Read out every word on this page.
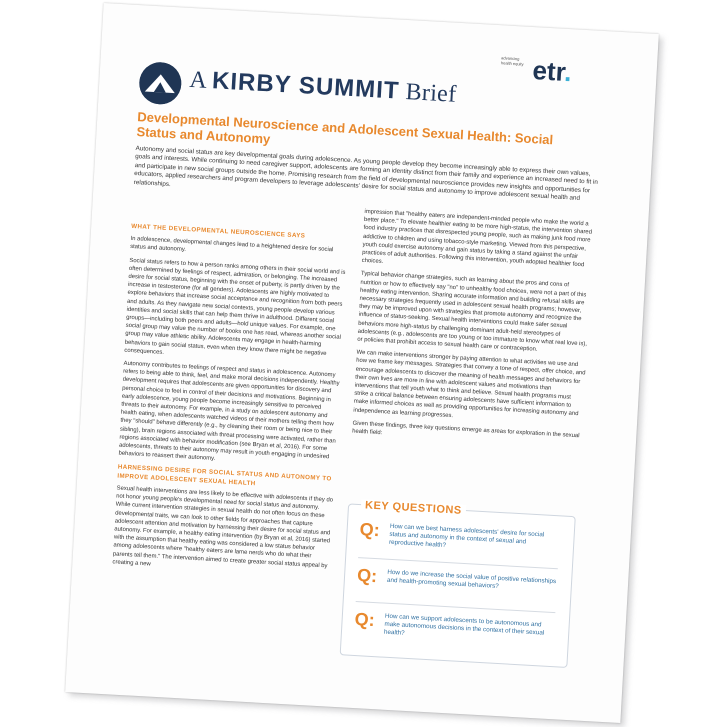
A KIRBY SUMMIT Brief
advancing health equity etr.
Developmental Neuroscience and Adolescent Sexual Health: Social Status and Autonomy
Autonomy and social status are key developmental goals during adolescence. As young people develop they become increasingly able to express their own values, goals and interests. While continuing to need caregiver support, adolescents are forming an identity distinct from their family and experience an increased need to fit in and participate in new social groups outside the home. Promising research from the field of developmental neuroscience provides new insights and opportunities for educators, applied researchers and program developers to leverage adolescents' desire for social status and autonomy to improve adolescent sexual health and relationships.
WHAT THE DEVELOPMENTAL NEUROSCIENCE SAYS

In adolescence, developmental changes lead to a heightened desire for social status and autonomy.

Social status refers to how a person ranks among others in their social world and is often determined by feelings of respect, admiration, or belonging. The increased desire for social status, beginning with the onset of puberty, is partly driven by the increase in testosterone (for all genders). Adolescents are highly motivated to explore behaviors that increase social acceptance and recognition from both peers and adults. As they navigate new social contexts, young people develop various identities and social skills that can help them thrive in adulthood. Different social groups—including both peers and adults—hold unique values. For example, one social group may value the number of books one has read, whereas another social group may value athletic ability. Adolescents may engage in health-harming behaviors to gain social status, even when they know there might be negative consequences.

Autonomy contributes to feelings of respect and status in adolescence. Autonomy refers to being able to think, feel, and make moral decisions independently. Healthy development requires that adolescents are given opportunities for discovery and personal choice to feel in control of their decisions and motivations. Beginning in early adolescence, young people become increasingly sensitive to perceived threats to their autonomy. For example, in a study on adolescent autonomy and health eating, when adolescents watched videos of their mothers telling them how they "should" behave differently (e.g., by cleaning their room or being nice to their sibling), brain regions associated with threat processing were activated, rather than regions associated with behavior modification (see Bryan et al, 2016). For some adolescents, threats to their autonomy may result in youth engaging in undesired behaviors to reassert their autonomy.

HARNESSING DESIRE FOR SOCIAL STATUS AND AUTONOMY TO IMPROVE ADOLESCENT SEXUAL HEALTH

Sexual health interventions are less likely to be effective with adolescents if they do not honor young people's developmental need for social status and autonomy. While current intervention strategies in sexual health do not often focus on these developmental traits, we can look to other fields for approaches that capture adolescent attention and motivation by harnessing their desire for social status and autonomy. For example, a healthy eating intervention (by Bryan et al, 2016) started with the assumption that healthy eating was considered a low status behavior among adolescents where "healthy eaters are lame nerds who do what their parents tell them." The intervention aimed to create greater social status appeal by creating a new

impression that "healthy eaters are independent-minded people who make the world a better place." To elevate healthier eating to be more high-status, the intervention shared food industry practices that disrespected young people, such as making junk food more addictive to children and using tobacco-style marketing. Viewed from this perspective, youth could exercise autonomy and gain status by taking a stand against the unfair practices of adult authorities. Following this intervention, youth adopted healthier food choices.

Typical behavior change strategies, such as learning about the pros and cons of nutrition or how to effectively say "no" to unhealthy food choices, were not a part of this healthy eating intervention. Sharing accurate information and building refusal skills are necessary strategies frequently used in adolescent sexual health programs; however, they may be improved upon with strategies that promote autonomy and recognize the influence of status-seeking. Sexual health interventions could make safer sexual behaviors more high-status by challenging dominant adult-held stereotypes of adolescents (e.g., adolescents are too young or too immature to know what real love is), or policies that prohibit access to sexual health care or contraception.

We can make interventions stronger by paying attention to what activities we use and how we frame key messages. Strategies that convey a tone of respect, offer choice, and encourage adolescents to discover the meaning of health messages and behaviors for their own lives are more in line with adolescent values and motivations than interventions that tell youth what to think and believe. Sexual health programs must strike a critical balance between ensuring adolescents have sufficient information to make informed choices as well as providing opportunities for increasing autonomy and independence as learning progresses.

Given these findings, three key questions emerge as areas for exploration in the sexual health field:

KEY QUESTIONS
Q: How can we best harness adolescents' desire for social status and autonomy in the context of sexual and reproductive health?
Q: How do we increase the social value of positive relationships and health-promoting sexual behaviors?
Q: How can we support adolescents to be autonomous and make autonomous decisions in the context of their sexual health?
